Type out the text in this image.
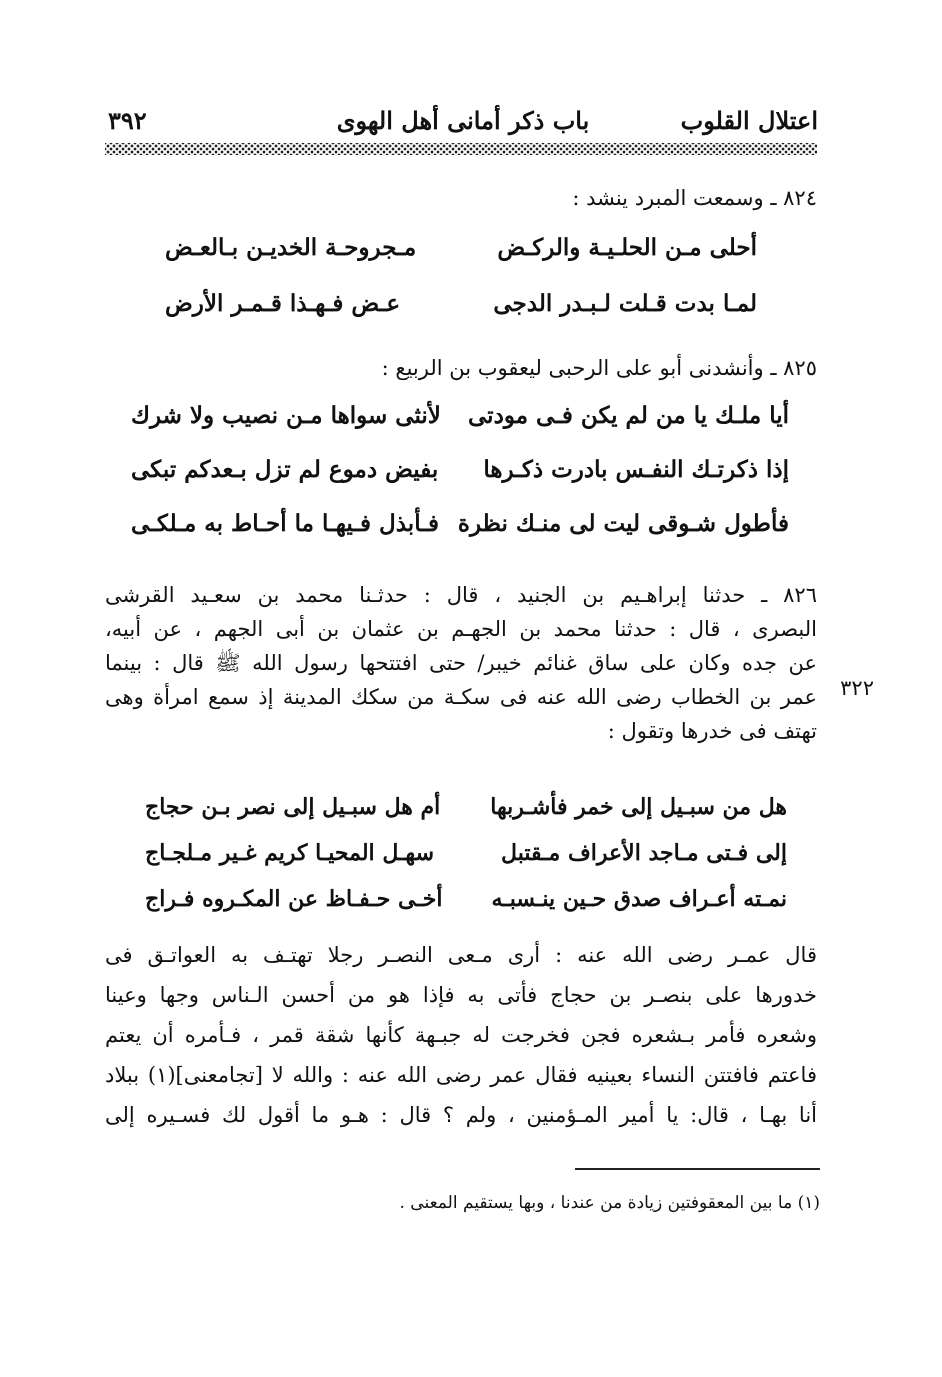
٣٩٢	باب ذكر أمانى أهل الهوى	اعتلال القلوب
٨٢٤ ـ وسمعت المبرد ينشد :
أحلى مـن الحلـيـة والركـض
مـجروحـة الخديـن بـالعـض
لمـا بدت قـلت لـبـدر الدجى
عـض فـهـذا قـمـر الأرض
٨٢٥ ـ وأنشدنى أبو على الرحبى ليعقوب بن الربيع :
أيا ملـك يا من لم يكن فـى مودتى
لأنثى سواها مـن نصيب ولا شرك
إذا ذكرتـك النفـس بادرت ذكـرها
بفيض دموع لم تزل بـعدكم تبكى
فأطول شـوقى ليت لى منـك نظرة
فـأبذل فـيهـا ما أحـاط به مـلكـى
٨٢٦ ـ حدثنا إبراهـيم بن الجنيد ، قال : حدثـنا محمد بن سعـيد القرشى
البصرى ، قال : حدثنا محمد بن الجهـم بن عثمان بن أبى الجهم ، عن أبيه،
عن جده وكان على ساق غنائم خيبر/ حتى افتتحها رسول الله ﷺ قال : بينما
عمر بن الخطاب رضى الله عنه فى سكـة من سكك المدينة إذ سمع امرأة وهى
تهتف فى خدرها وتقول :
٣٢٢
هل من سبـيل إلى خمر فأشـربها
أم هل سبـيل إلى نصر بـن حجاج
إلى فـتى مـاجد الأعراف مـقتبل
سهـل المحيـا كريم غـير مـلجـاج
نمـته أعـراف صدق حـين ينـسبـه
أخـى حـفـاظ عن المكـروه فـراج
قال عمـر رضى الله عنه : أرى مـعى النصـر رجلا تهتـف به العواتـق فى
خدورها على بنصـر بن حجاج فأتى به فإذا هو من أحسن الـناس وجها وعينا
وشعره فأمر بـشعره فجن فخرجت له جبـهة كأنها شقة قمر ، فـأمره أن يعتم
فاعتم فافتتن النساء بعينيه فقال عمر رضى الله عنه : والله لا [تجامعنى](١) ببلاد
أنا بهـا ، قال: يا أمير المـؤمنين ، ولم ؟ قال : هـو ما أقول لك فسـيره إلى
(١) ما بين المعقوفتين زيادة من عندنا ، وبها يستقيم المعنى .
